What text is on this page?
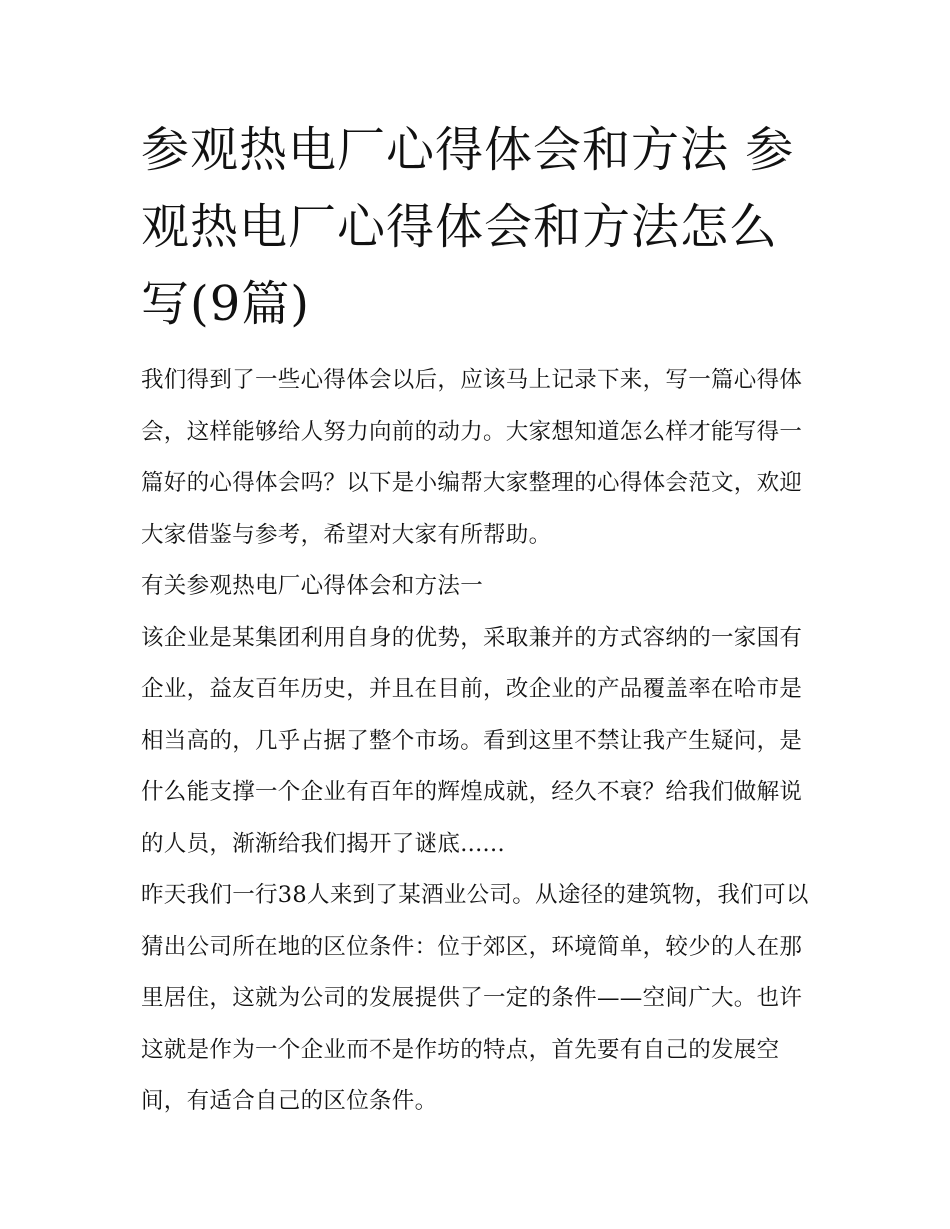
参观热电厂心得体会和方法 参观热电厂心得体会和方法怎么写(9篇)

我们得到了一些心得体会以后，应该马上记录下来，写一篇心得体会，这样能够给人努力向前的动力。大家想知道怎么样才能写得一篇好的心得体会吗？以下是小编帮大家整理的心得体会范文，欢迎大家借鉴与参考，希望对大家有所帮助。

有关参观热电厂心得体会和方法一

该企业是某集团利用自身的优势，采取兼并的方式容纳的一家国有企业，益友百年历史，并且在目前，改企业的产品覆盖率在哈市是相当高的，几乎占据了整个市场。看到这里不禁让我产生疑问，是什么能支撑一个企业有百年的辉煌成就，经久不衰？给我们做解说的人员，渐渐给我们揭开了谜底......

昨天我们一行38人来到了某酒业公司。从途径的建筑物，我们可以猜出公司所在地的区位条件：位于郊区，环境简单，较少的人在那里居住，这就为公司的发展提供了一定的条件——空间广大。也许这就是作为一个企业而不是作坊的特点，首先要有自己的发展空间，有适合自己的区位条件。
